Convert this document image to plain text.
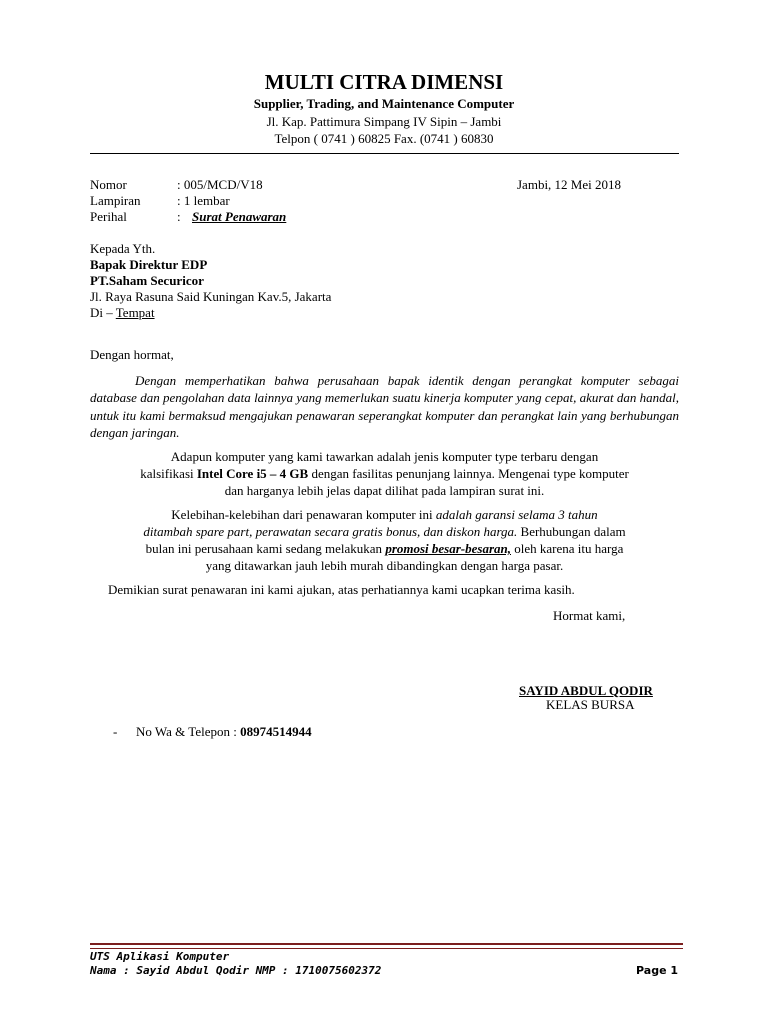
MULTI CITRA DIMENSI
Supplier, Trading, and Maintenance Computer
Jl. Kap. Pattimura Simpang IV Sipin – Jambi
Telpon ( 0741 ) 60825 Fax. (0741 ) 60830
Nomor	: 005/MCD/V18	Jambi, 12 Mei 2018
Lampiran	: 1 lembar
Perihal	: Surat Penawaran
Kepada Yth.
Bapak Direktur EDP
PT.Saham Securicor
Jl. Raya Rasuna Said Kuningan Kav.5, Jakarta
Di – Tempat
Dengan hormat,
Dengan memperhatikan bahwa perusahaan bapak identik dengan perangkat komputer sebagai database dan pengolahan data lainnya yang memerlukan suatu kinerja komputer yang cepat, akurat dan handal, untuk itu kami bermaksud mengajukan penawaran seperangkat komputer dan perangkat lain yang berhubungan dengan jaringan.
Adapun komputer yang kami tawarkan adalah jenis komputer type terbaru dengan
kalsifikasi Intel Core i5 – 4 GB dengan fasilitas penunjang lainnya. Mengenai type komputer
dan harganya lebih jelas dapat dilihat pada lampiran surat ini.
Kelebihan-kelebihan dari penawaran komputer ini adalah garansi selama 3 tahun
ditambah spare part, perawatan secara gratis bonus, dan diskon harga. Berhubungan dalam
bulan ini perusahaan kami sedang melakukan promosi besar-besaran, oleh karena itu harga
yang ditawarkan jauh lebih murah dibandingkan dengan harga pasar.
Demikian surat penawaran ini kami ajukan, atas perhatiannya kami ucapkan terima kasih.
Hormat kami,
SAYID ABDUL QODIR
KELAS BURSA
- No Wa & Telepon : 08974514944
UTS Aplikasi Komputer
Nama : Sayid Abdul Qodir NMP : 1710075602372	Page 1
